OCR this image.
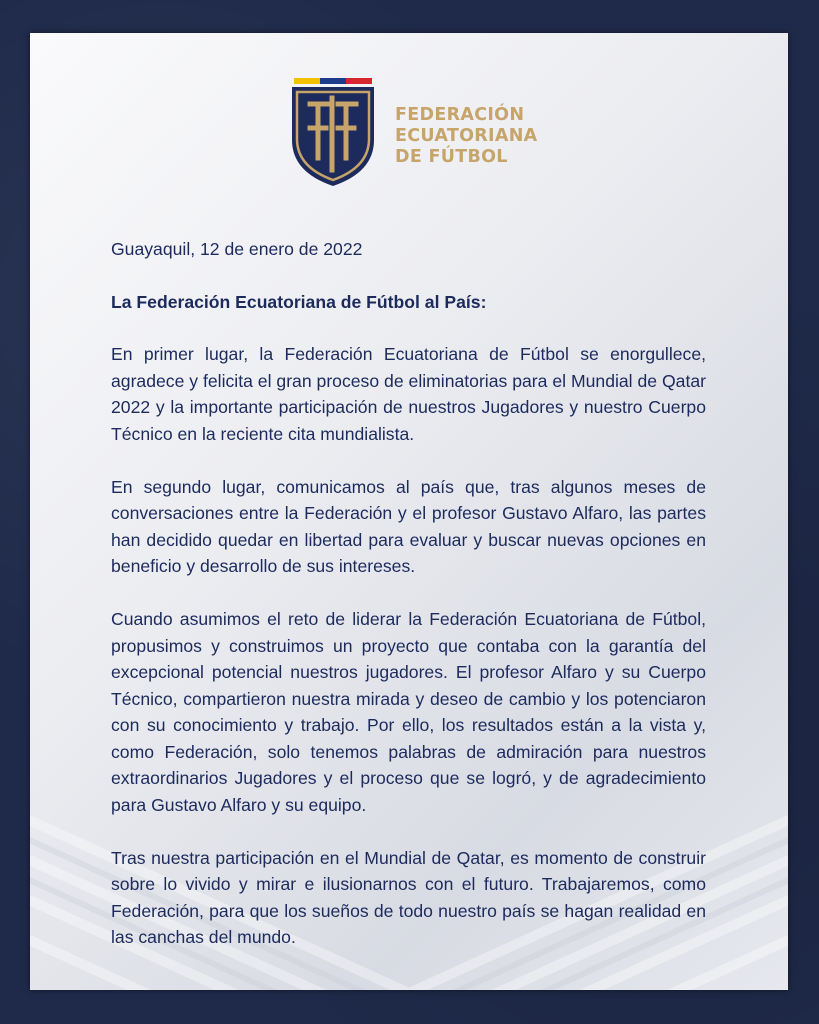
FEDERACIÓN
ECUATORIANA
DE FÚTBOL
Guayaquil, 12 de enero de 2022
La Federación Ecuatoriana de Fútbol al País:

En primer lugar, la Federación Ecuatoriana de Fútbol se enorgullece, agradece y felicita el gran proceso de eliminatorias para el Mundial de Qatar 2022 y la importante participación de nuestros Jugadores y nuestro Cuerpo Técnico en la reciente cita mundialista.

En segundo lugar, comunicamos al país que, tras algunos meses de conversaciones entre la Federación y el profesor Gustavo Alfaro, las partes han decidido quedar en libertad para evaluar y buscar nuevas opciones en beneficio y desarrollo de sus intereses.

Cuando asumimos el reto de liderar la Federación Ecuatoriana de Fútbol, propusimos y construimos un proyecto que contaba con la garantía del excepcional potencial nuestros jugadores. El profesor Alfaro y su Cuerpo Técnico, compartieron nuestra mirada y deseo de cambio y los potenciaron con su conocimiento y trabajo. Por ello, los resultados están a la vista y, como Federación, solo tenemos palabras de admiración para nuestros extraordinarios Jugadores y el proceso que se logró, y de agradecimiento para Gustavo Alfaro y su equipo.

Tras nuestra participación en el Mundial de Qatar, es momento de construir sobre lo vivido y mirar e ilusionarnos con el futuro. Trabajaremos, como Federación, para que los sueños de todo nuestro país se hagan realidad en las canchas del mundo.
